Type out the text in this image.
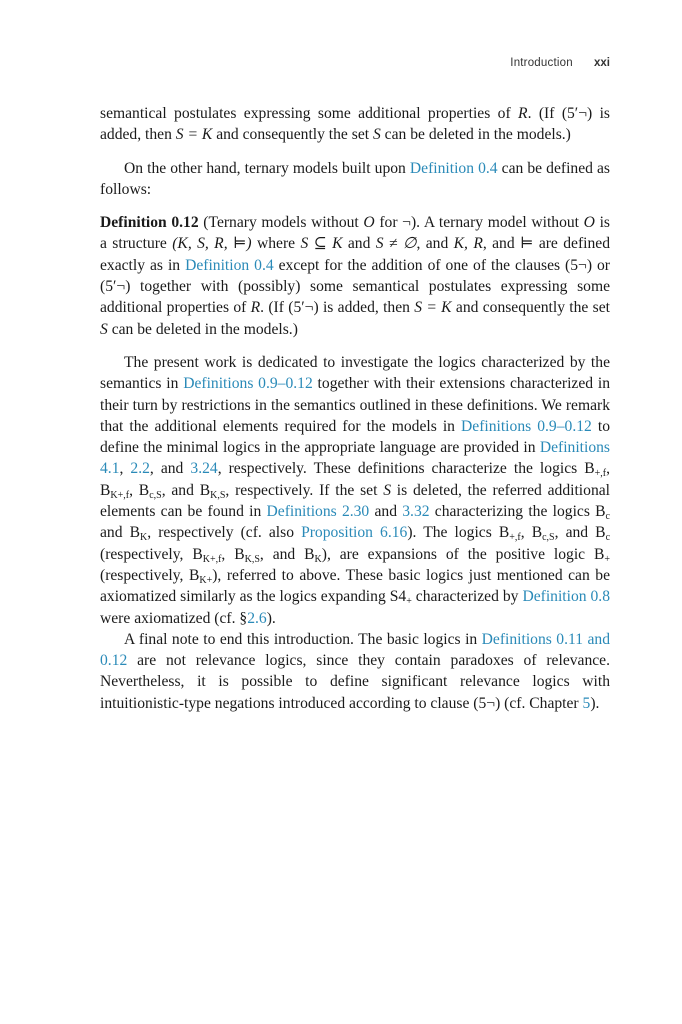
Introduction xxi

semantical postulates expressing some additional properties of R. (If (5′¬) is added, then S = K and consequently the set S can be deleted in the models.)

On the other hand, ternary models built upon Definition 0.4 can be defined as follows:

Definition 0.12 (Ternary models without O for ¬). A ternary model without O is a structure (K, S, R, ⊨) where S ⊆ K and S ≠ ∅, and K, R, and ⊨ are defined exactly as in Definition 0.4 except for the addition of one of the clauses (5¬) or (5′¬) together with (possibly) some semantical postulates expressing some additional properties of R. (If (5′¬) is added, then S = K and consequently the set S can be deleted in the models.)

The present work is dedicated to investigate the logics characterized by the semantics in Definitions 0.9–0.12 together with their extensions characterized in their turn by restrictions in the semantics outlined in these definitions. We remark that the additional elements required for the models in Definitions 0.9–0.12 to define the minimal logics in the appropriate language are provided in Definitions 4.1, 2.2, and 3.24, respectively. These definitions characterize the logics $B_{+,f}$, $B_{K+,f}$, $B_{c,S}$, and $B_{K,S}$, respectively. If the set S is deleted, the referred additional elements can be found in Definitions 2.30 and 3.32 characterizing the logics $B_c$ and $B_K$, respectively (cf. also Proposition 6.16). The logics $B_{+,f}$, $B_{c,S}$, and $B_c$ (respectively, $B_{K+,f}$, $B_{K,S}$, and $B_K$), are expansions of the positive logic $B_+$ (respectively, $B_{K+}$), referred to above. These basic logics just mentioned can be axiomatized similarly as the logics expanding $S4_+$ characterized by Definition 0.8 were axiomatized (cf. §2.6).

A final note to end this introduction. The basic logics in Definitions 0.11 and 0.12 are not relevance logics, since they contain paradoxes of relevance. Nevertheless, it is possible to define significant relevance logics with intuitionistic-type negations introduced according to clause (5¬) (cf. Chapter 5).
